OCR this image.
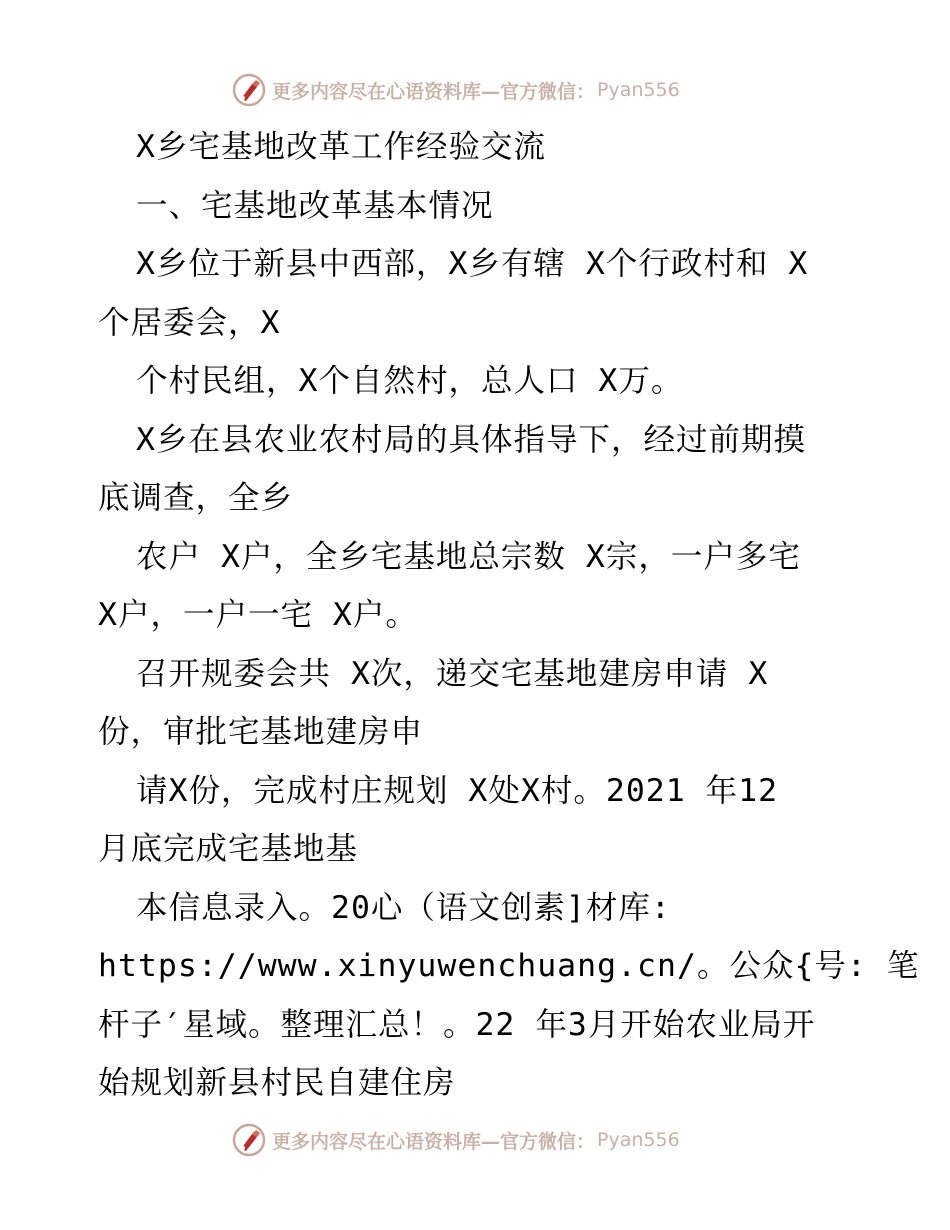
更多内容尽在心语资料库—官方微信： Pyan556
X乡宅基地改革工作经验交流
一、宅基地改革基本情况
X乡位于新县中西部，X乡有辖 X个行政村和 X
个居委会，X
个村民组，X个自然村，总人口 X万。
X乡在县农业农村局的具体指导下，经过前期摸
底调查，全乡
农户 X户，全乡宅基地总宗数 X宗，一户多宅
X户，一户一宅 X户。
召开规委会共 X次，递交宅基地建房申请 X
份，审批宅基地建房申
请X份，完成村庄规划 X处X村。2021 年12
月底完成宅基地基
本信息录入。20心（语文创素]材库:
https://www.xinyuwenchuang.cn/。公众{号: 笔
杆子′星域。整理汇总！。22 年3月开始农业局开
始规划新县村民自建住房
更多内容尽在心语资料库—官方微信： Pyan556
